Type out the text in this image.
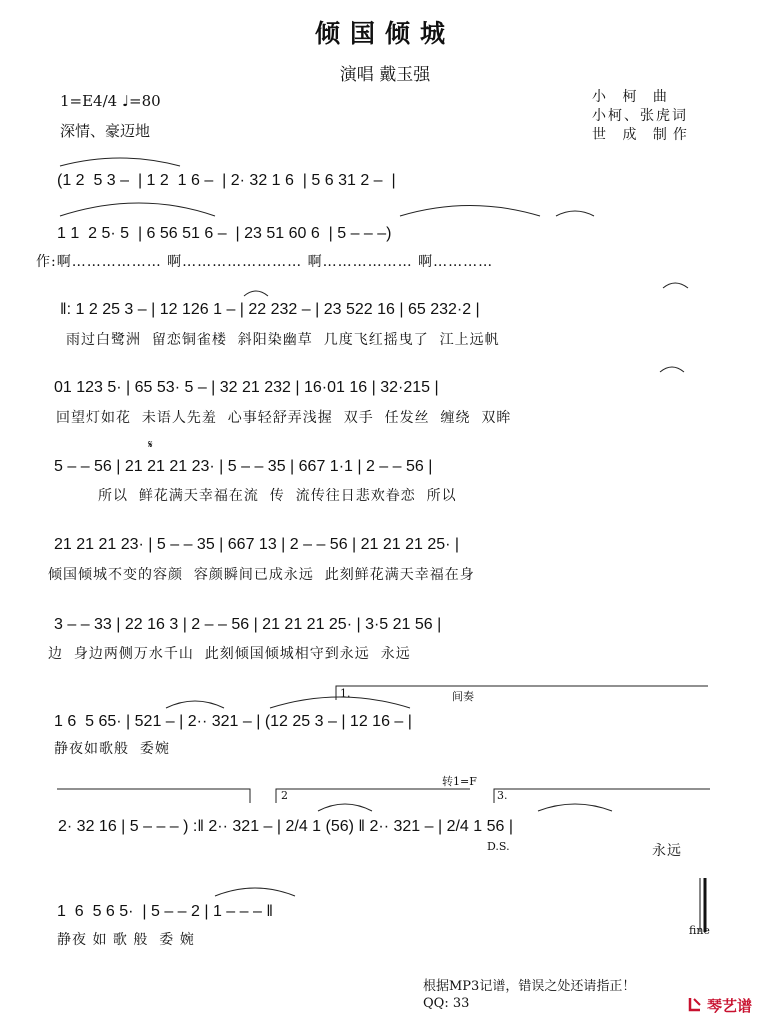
倾国倾城
演唱 戴玉强
1=E4/4 ♩=80
深情、豪迈地
小 柯 曲
小柯、张虎词
世 成 制作
(1 2  5 3 –  | 1 2  1 6 –  | 2· 32 1 6  | 5 6 31 2 –  |
1 1  2 5· 5  | 6 56 51 6 –  | 23 51 60 6  | 5 – – –)
作:啊……………… 啊…………………… 啊……………… 啊…………
‖: 1 2 25 3 – | 12 126 1 – | 22 232 – | 23 522 16 | 65 232·2 |
雨过白鹭洲  留恋铜雀楼  斜阳染幽草  几度飞红摇曳了  江上远帆
01 123 5· | 65 53· 5 – | 32 21 232 | 16·01 16 | 32·215 |
回望灯如花  未语人先羞  心事轻舒弄浅握  双手  任发丝  缠绕  双眸
𝄋
5 – – 56 | 21 21 21 23· | 5 – – 35 | 667 1·1 | 2 – – 56 |
所以  鲜花满天幸福在流  传  流传往日悲欢眷恋  所以
21 21 21 23· | 5 – – 35 | 667 13 | 2 – – 56 | 21 21 21 25· |
倾国倾城不变的容颜  容颜瞬间已成永远  此刻鲜花满天幸福在身
3 – – 33 | 22 16 3 | 2 – – 56 | 21 21 21 25· | 3·5 21 56 |
边  身边两侧万水千山  此刻倾国倾城相守到永远  永远
1.	间奏
1 6  5 65· | 521 – | 2·· 321 – | (12 25 3 – | 12 16 – |
静夜如歌般  委婉
转1=F
2	3.
2· 32 16 | 5 – – – ) :‖ 2·· 321 – | 2/4 1 (56) ‖ 2·· 321 – | 2/4 1 56 |
D.S.	永远
1  6  5 6 5·  | 5 – – 2 | 1 – – – ‖
静夜 如 歌 般  委 婉
fine
根据MP3记谱，错误之处还请指正！
QQ: 33	琴艺谱
